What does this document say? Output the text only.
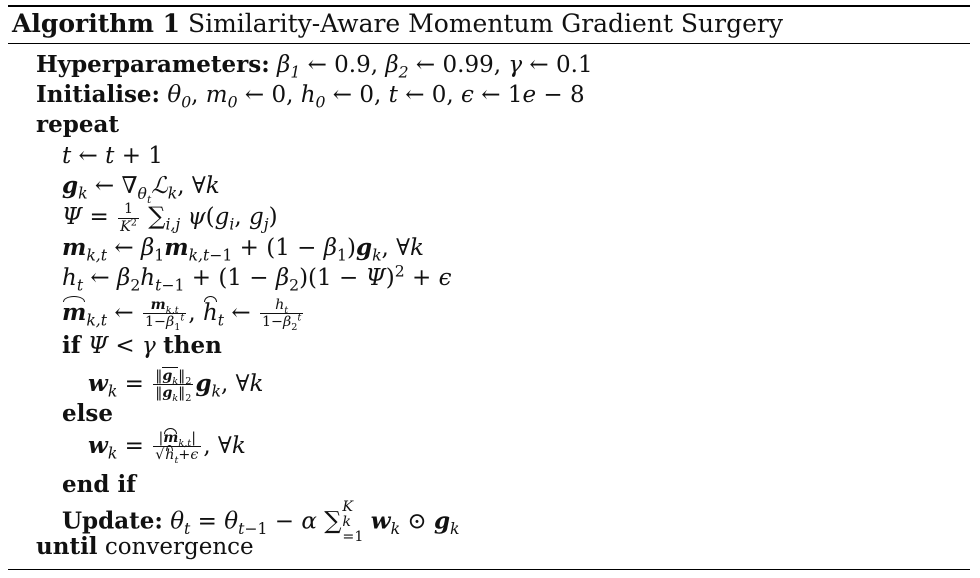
Algorithm 1 Similarity-Aware Momentum Gradient Surgery
Hyperparameters: $\beta_1$ ← 0.9, $\beta_2$ ← 0.99, γ ← 0.1
Initialise: $\theta_0$, $m_0$ ← 0, $h_0$ ← 0, t ← 0, ϵ ← 1e − 8
repeat
t ← t + 1
$g_k$ ← $\nabla_{\theta_t}ℒ_k$, ∀k
$\Psi = \frac{1}{K^2} \sum_{i,j}$ $\psi(g_i$, $g_j$)
$m_{k,t}$ ← $\beta_1m_{k,t-1} + (1 - \beta_1)g_k$, ∀k
$h_t$ ← $\beta_2h_{t-1} + (1 - \beta_2)(1 - \Psi)^2 + \epsilon$
$m_{k,t}$ ← $\frac{m_{k,t}}{1-\beta_1^t}$ , $h_t$ ← $\frac{h_t}{1-\beta_2^t}$
if Ψ < γ then
$w_k = \frac{‖g_k‖_2}{‖g_k‖_2} g_k$, ∀k
else
$w_k = \frac{|m_{k,t}|}{√h_t+\epsilon}$ , ∀k
end if
Update: $\theta_t = \theta_{t-1} - \alpha$ ∑ K
k
=1
$w_k$ ⊙ $g_k$
until convergence
